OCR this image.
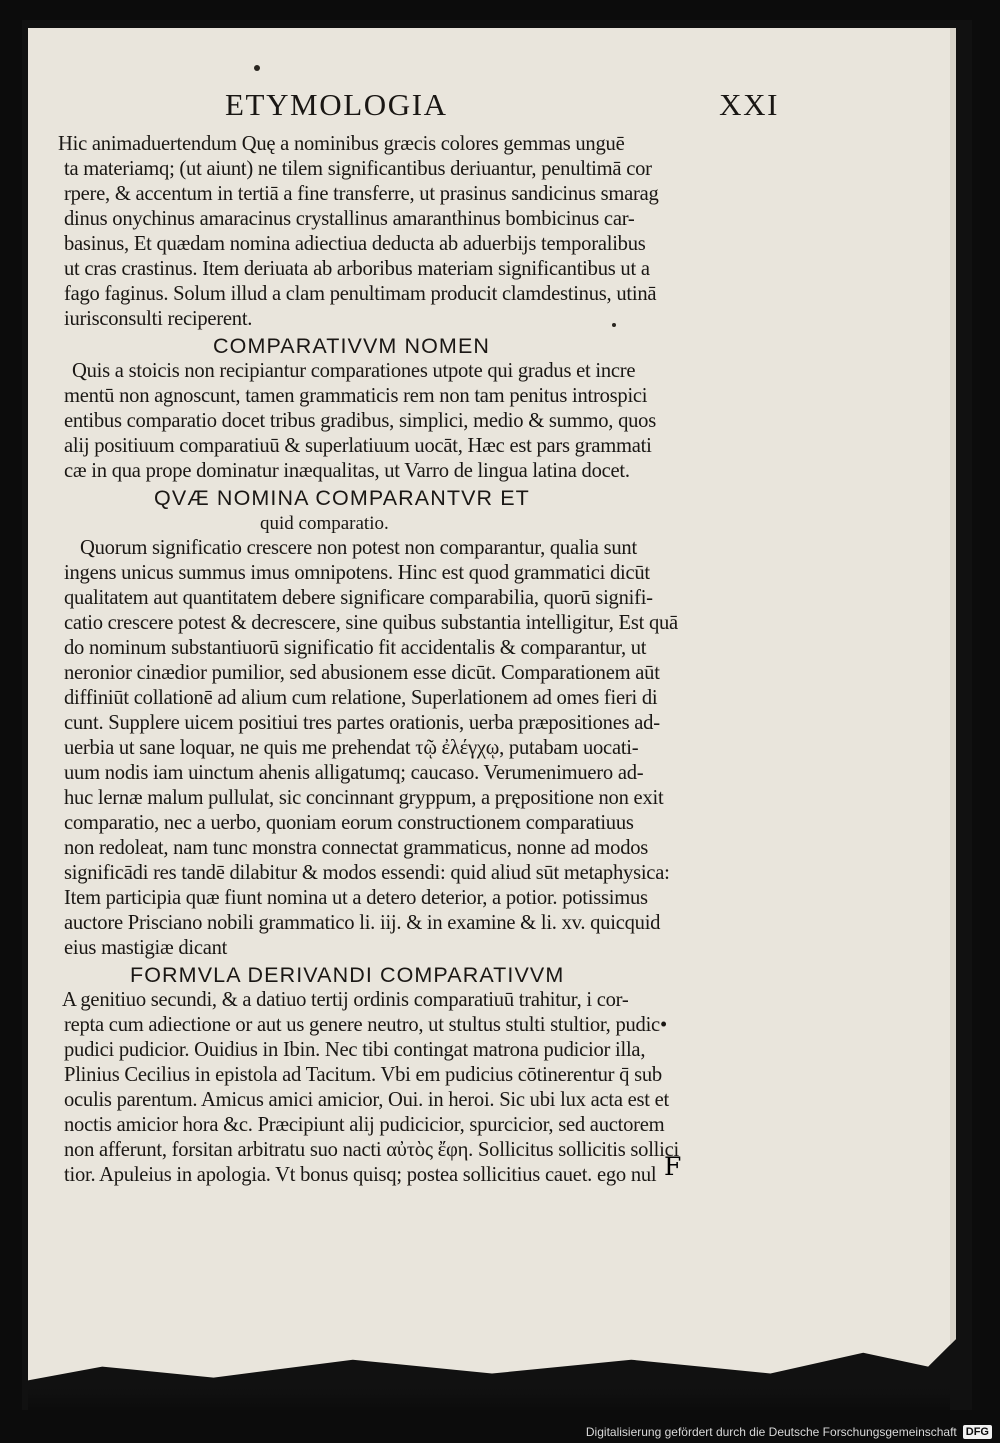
ETYMOLOGIA	XXI
Hic animaduertendum Quę a nominibus græcis colores gemmas unguē
ta materiamq; (ut aiunt) ne tilem significantibus deriuantur, penultimā cor
rpere, & accentum in tertiā a fine transferre, ut prasinus sandicinus smarag
dinus onychinus amaracinus crystallinus amaranthinus bombicinus car-
basinus, Et quædam nomina adiectiua deducta ab aduerbijs temporalibus
ut cras crastinus. Item deriuata ab arboribus materiam significantibus ut a
fago faginus. Solum illud a clam penultimam producit clamdestinus, utinā
iurisconsulti reciperent.
COMPARATIVVM NOMEN
Quis a stoicis non recipiantur comparationes utpote qui gradus et incre
mentū non agnoscunt, tamen grammaticis rem non tam penitus introspici
entibus comparatio docet tribus gradibus, simplici, medio & summo, quos
alij positiuum comparatiuū & superlatiuum uocāt, Hæc est pars grammati
cæ in qua prope dominatur inæqualitas, ut Varro de lingua latina docet.
QVÆ NOMINA COMPARANTVR ET
quid comparatio.
Quorum significatio crescere non potest non comparantur, qualia sunt
ingens unicus summus imus omnipotens. Hinc est quod grammatici dicūt
qualitatem aut quantitatem debere significare comparabilia, quorū signifi-
catio crescere potest & decrescere, sine quibus substantia intelligitur, Est quā
do nominum substantiuorū significatio fit accidentalis & comparantur, ut
neronior cinædior pumilior, sed abusionem esse dicūt. Comparationem aūt
diffiniūt collationē ad alium cum relatione, Superlationem ad omes fieri di
cunt. Supplere uicem positiui tres partes orationis, uerba præpositiones ad-
uerbia ut sane loquar, ne quis me prehendat τῷ ἐλέγχῳ, putabam uocati-
uum nodis iam uinctum ahenis alligatumq; caucaso. Verumenimuero ad-
huc lernæ malum pullulat, sic concinnant gryppum, a prępositione non exit
comparatio, nec a uerbo, quoniam eorum constructionem comparatiuus
non redoleat, nam tunc monstra connectat grammaticus, nonne ad modos
significādi res tandē dilabitur & modos essendi: quid aliud sūt metaphysica:
Item participia quæ fiunt nomina ut a detero deterior, a potior. potissimus
auctore Prisciano nobili grammatico li. iij. & in examine & li. xv. quicquid
eius mastigiæ dicant
FORMVLA DERIVANDI COMPARATIVVM
A genitiuo secundi, & a datiuo tertij ordinis comparatiuū trahitur, i cor-
repta cum adiectione or aut us genere neutro, ut stultus stulti stultior, pudic•
pudici pudicior. Ouidius in Ibin. Nec tibi contingat matrona pudicior illa,
Plinius Cecilius in epistola ad Tacitum. Vbi em pudicius cōtinerentur q̄ sub
oculis parentum. Amicus amici amicior, Oui. in heroi. Sic ubi lux acta est et
noctis amicior hora &c. Præcipiunt alij pudicicior, spurcicior, sed auctorem
non afferunt, forsitan arbitratu suo nacti αὐτὸς ἔφη. Sollicitus sollicitis sollici
tior. Apuleius in apologia. Vt bonus quisq; postea sollicitius cauet. ego nul F
Digitalisierung gefördert durch die Deutsche Forschungsgemeinschaft DFG
